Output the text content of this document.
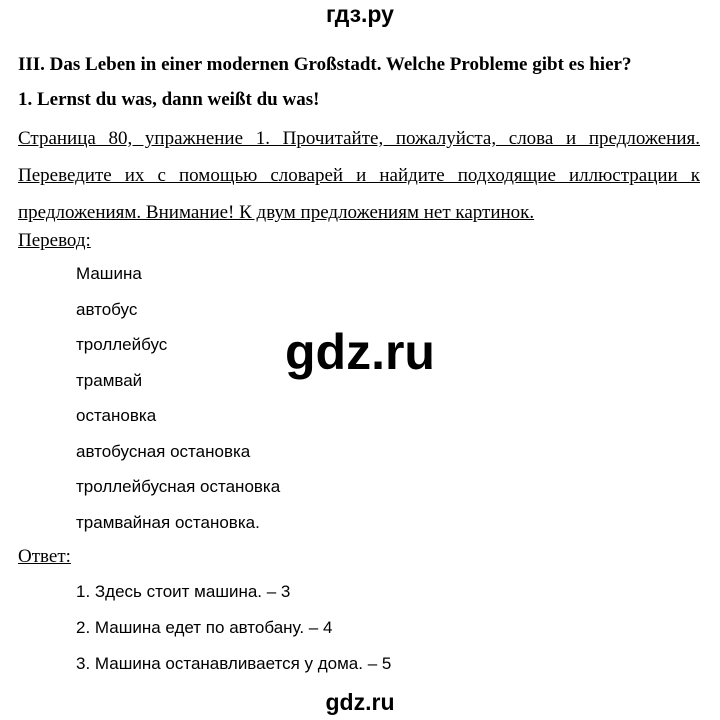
гдз.ру
III. Das Leben in einer modernen Großstadt. Welche Probleme gibt es hier?
1. Lernst du was, dann weißt du was!
Страница 80, упражнение 1. Прочитайте, пожалуйста, слова и предложения.
Переведите их с помощью словарей и найдите подходящие иллюстрации к
предложениям. Внимание! К двум предложениям нет картинок.
Перевод:
Машина
автобус
троллейбус
трамвай
остановка
автобусная остановка
троллейбусная остановка
трамвайная остановка.
gdz.ru
Ответ:
1. Здесь стоит машина. – 3
2. Машина едет по автобану. – 4
3. Машина останавливается у дома. – 5
gdz.ru
